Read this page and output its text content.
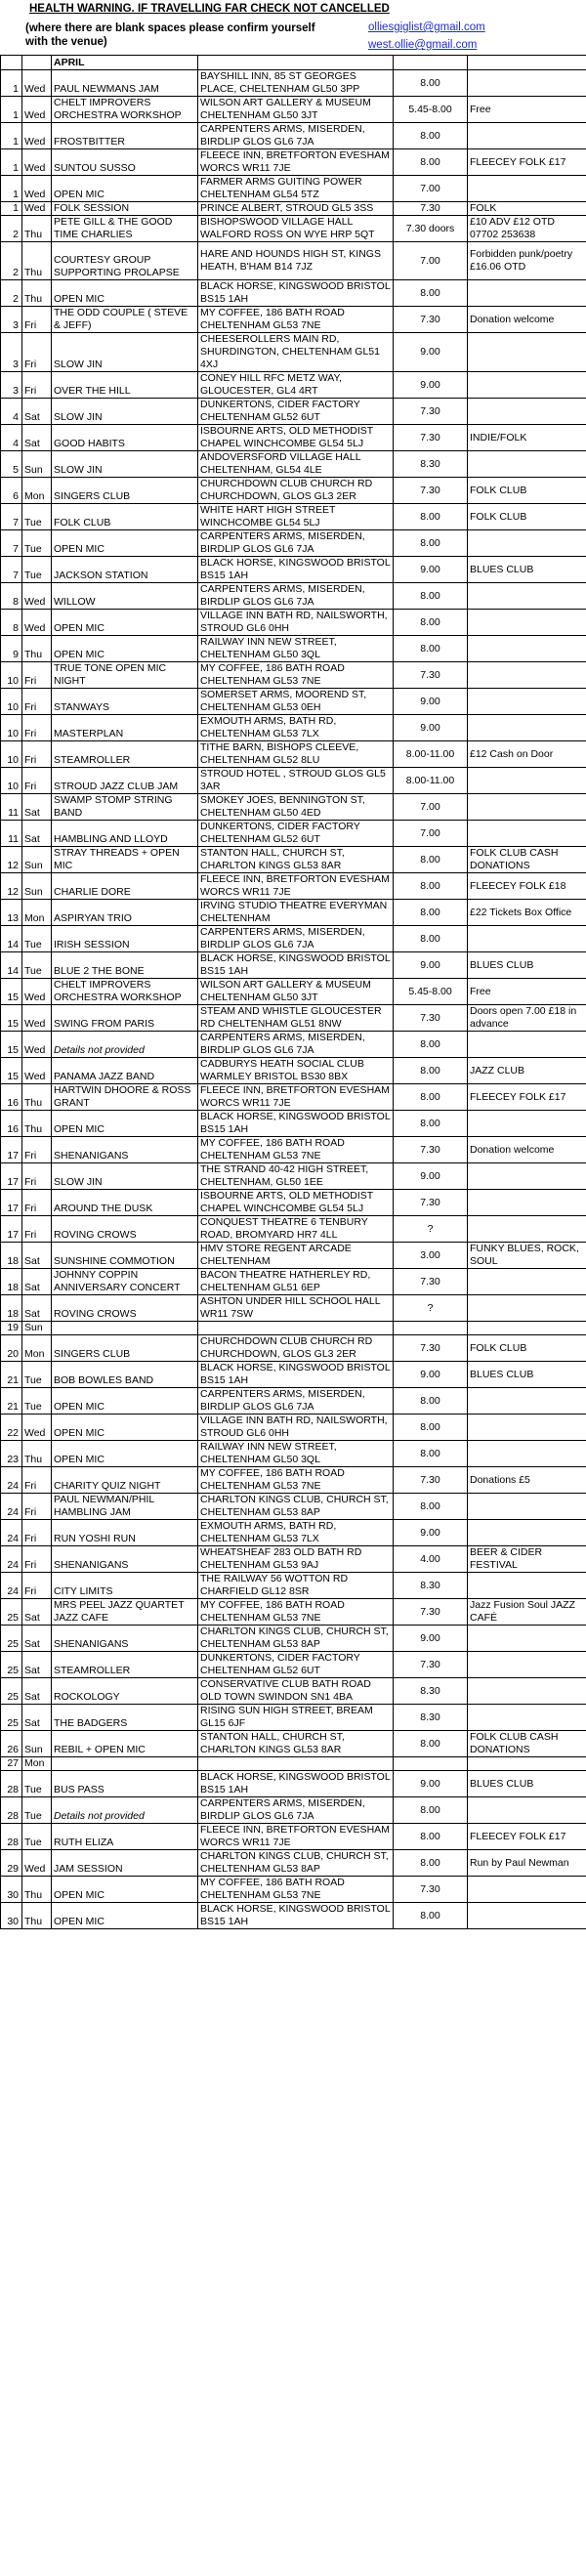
HEALTH WARNING. IF TRAVELLING FAR CHECK NOT CANCELLED
(where there are blank spaces please confirm yourself with the venue)
olliesgiglist@gmail.com
west.ollie@gmail.com
		APRIL			
1	Wed	PAUL NEWMANS JAM	BAYSHILL INN, 85 ST GEORGES PLACE, CHELTENHAM GL50 3PP	8.00	
1	Wed	CHELT IMPROVERS ORCHESTRA WORKSHOP	WILSON ART GALLERY & MUSEUM CHELTENHAM GL50 3JT	5.45-8.00	Free
1	Wed	FROSTBITTER	CARPENTERS ARMS, MISERDEN, BIRDLIP GLOS GL6 7JA	8.00	
1	Wed	SUNTOU SUSSO	FLEECE INN, BRETFORTON EVESHAM WORCS WR11 7JE	8.00	FLEECEY FOLK £17
1	Wed	OPEN MIC	FARMER ARMS GUITING POWER CHELTENHAM GL54 5TZ	7.00	
1	Wed	FOLK SESSION	PRINCE ALBERT, STROUD GL5 3SS	7.30	FOLK
2	Thu	PETE GILL & THE GOOD TIME CHARLIES	BISHOPSWOOD VILLAGE HALL WALFORD ROSS ON WYE HRP 5QT	7.30 doors	£10 ADV £12 OTD 07702 253638
2	Thu	COURTESY GROUP SUPPORTING PROLAPSE	HARE AND HOUNDS HIGH ST, KINGS HEATH, B'HAM B14 7JZ	7.00	Forbidden punk/poetry £16.06 OTD
2	Thu	OPEN MIC	BLACK HORSE, KINGSWOOD BRISTOL BS15 1AH	8.00	
3	Fri	THE ODD COUPLE ( STEVE & JEFF)	MY COFFEE, 186 BATH ROAD CHELTENHAM GL53 7NE	7.30	Donation welcome
3	Fri	SLOW JIN	CHEESEROLLERS MAIN RD, SHURDINGTON, CHELTENHAM GL51 4XJ	9.00	
3	Fri	OVER THE HILL	CONEY HILL RFC METZ WAY, GLOUCESTER, GL4 4RT	9.00	
4	Sat	SLOW JIN	DUNKERTONS, CIDER FACTORY CHELTENHAM GL52 6UT	7.30	
4	Sat	GOOD HABITS	ISBOURNE ARTS, OLD METHODIST CHAPEL WINCHCOMBE GL54 5LJ	7.30	INDIE/FOLK
5	Sun	SLOW JIN	ANDOVERSFORD VILLAGE HALL CHELTENHAM, GL54 4LE	8.30	
6	Mon	SINGERS CLUB	CHURCHDOWN CLUB CHURCH RD CHURCHDOWN, GLOS GL3 2ER	7.30	FOLK CLUB
7	Tue	FOLK CLUB	WHITE HART HIGH STREET WINCHCOMBE GL54 5LJ	8.00	FOLK CLUB
7	Tue	OPEN MIC	CARPENTERS ARMS, MISERDEN, BIRDLIP GLOS GL6 7JA	8.00	
7	Tue	JACKSON STATION	BLACK HORSE, KINGSWOOD BRISTOL BS15 1AH	9.00	BLUES CLUB
8	Wed	WILLOW	CARPENTERS ARMS, MISERDEN, BIRDLIP GLOS GL6 7JA	8.00	
8	Wed	OPEN MIC	VILLAGE INN BATH RD, NAILSWORTH, STROUD GL6 0HH	8.00	
9	Thu	OPEN MIC	RAILWAY INN NEW STREET, CHELTENHAM GL50 3QL	8.00	
10	Fri	TRUE TONE OPEN MIC NIGHT	MY COFFEE, 186 BATH ROAD CHELTENHAM GL53 7NE	7.30	
10	Fri	STANWAYS	SOMERSET ARMS, MOOREND ST, CHELTENHAM GL53 0EH	9.00	
10	Fri	MASTERPLAN	EXMOUTH ARMS, BATH RD, CHELTENHAM GL53 7LX	9.00	
10	Fri	STEAMROLLER	TITHE BARN, BISHOPS CLEEVE, CHELTENHAM GL52 8LU	8.00-11.00	£12 Cash on Door
10	Fri	STROUD JAZZ CLUB JAM	STROUD HOTEL , STROUD GLOS GL5 3AR	8.00-11.00	
11	Sat	SWAMP STOMP STRING BAND	SMOKEY JOES, BENNINGTON ST, CHELTENHAM GL50 4ED	7.00	
11	Sat	HAMBLING AND LLOYD	DUNKERTONS, CIDER FACTORY CHELTENHAM GL52 6UT	7.00	
12	Sun	STRAY THREADS + OPEN MIC	STANTON HALL, CHURCH ST, CHARLTON KINGS GL53 8AR	8.00	FOLK CLUB CASH DONATIONS
12	Sun	CHARLIE DORE	FLEECE INN, BRETFORTON EVESHAM WORCS WR11 7JE	8.00	FLEECEY FOLK £18
13	Mon	ASPIRYAN TRIO	IRVING STUDIO THEATRE EVERYMAN CHELTENHAM	8.00	£22 Tickets Box Office
14	Tue	IRISH SESSION	CARPENTERS ARMS, MISERDEN, BIRDLIP GLOS GL6 7JA	8.00	
14	Tue	BLUE 2 THE BONE	BLACK HORSE, KINGSWOOD BRISTOL BS15 1AH	9.00	BLUES CLUB
15	Wed	CHELT IMPROVERS ORCHESTRA WORKSHOP	WILSON ART GALLERY & MUSEUM CHELTENHAM GL50 3JT	5.45-8.00	Free
15	Wed	SWING FROM PARIS	STEAM AND WHISTLE GLOUCESTER RD CHELTENHAM GL51 8NW	7.30	Doors open 7.00 £18 in advance
15	Wed	Details not provided	CARPENTERS ARMS, MISERDEN, BIRDLIP GLOS GL6 7JA	8.00	
15	Wed	PANAMA JAZZ BAND	CADBURYS HEATH SOCIAL CLUB WARMLEY BRISTOL BS30 8BX	8.00	JAZZ CLUB
16	Thu	HARTWIN DHOORE & ROSS GRANT	FLEECE INN, BRETFORTON EVESHAM WORCS WR11 7JE	8.00	FLEECEY FOLK £17
16	Thu	OPEN MIC	BLACK HORSE, KINGSWOOD BRISTOL BS15 1AH	8.00	
17	Fri	SHENANIGANS	MY COFFEE, 186 BATH ROAD CHELTENHAM GL53 7NE	7.30	Donation welcome
17	Fri	SLOW JIN	THE STRAND 40-42 HIGH STREET, CHELTENHAM, GL50 1EE	9.00	
17	Fri	AROUND THE DUSK	ISBOURNE ARTS, OLD METHODIST CHAPEL WINCHCOMBE GL54 5LJ	7.30	
17	Fri	ROVING CROWS	CONQUEST THEATRE 6 TENBURY ROAD, BROMYARD HR7 4LL	?	
18	Sat	SUNSHINE COMMOTION	HMV STORE REGENT ARCADE CHELTENHAM	3.00	FUNKY BLUES, ROCK, SOUL
18	Sat	JOHNNY COPPIN ANNIVERSARY CONCERT	BACON THEATRE HATHERLEY RD, CHELTENHAM GL51 6EP	7.30	
18	Sat	ROVING CROWS	ASHTON UNDER HILL SCHOOL HALL WR11 7SW	?	
19	Sun				
20	Mon	SINGERS CLUB	CHURCHDOWN CLUB CHURCH RD CHURCHDOWN, GLOS GL3 2ER	7.30	FOLK CLUB
21	Tue	BOB BOWLES BAND	BLACK HORSE, KINGSWOOD BRISTOL BS15 1AH	9.00	BLUES CLUB
21	Tue	OPEN MIC	CARPENTERS ARMS, MISERDEN, BIRDLIP GLOS GL6 7JA	8.00	
22	Wed	OPEN MIC	VILLAGE INN BATH RD, NAILSWORTH, STROUD GL6 0HH	8.00	
23	Thu	OPEN MIC	RAILWAY INN NEW STREET, CHELTENHAM GL50 3QL	8.00	
24	Fri	CHARITY QUIZ NIGHT	MY COFFEE, 186 BATH ROAD CHELTENHAM GL53 7NE	7.30	Donations £5
24	Fri	PAUL NEWMAN/PHIL HAMBLING JAM	CHARLTON KINGS CLUB, CHURCH ST, CHELTENHAM GL53 8AP	8.00	
24	Fri	RUN YOSHI RUN	EXMOUTH ARMS, BATH RD, CHELTENHAM GL53 7LX	9.00	
24	Fri	SHENANIGANS	WHEATSHEAF 283 OLD BATH RD CHELTENHAM GL53 9AJ	4.00	BEER & CIDER FESTIVAL
24	Fri	CITY LIMITS	THE RAILWAY 56 WOTTON RD CHARFIELD GL12 8SR	8.30	
25	Sat	MRS PEEL JAZZ QUARTET JAZZ CAFE	MY COFFEE, 186 BATH ROAD CHELTENHAM GL53 7NE	7.30	Jazz Fusion Soul JAZZ CAFÉ
25	Sat	SHENANIGANS	CHARLTON KINGS CLUB, CHURCH ST, CHELTENHAM GL53 8AP	9.00	
25	Sat	STEAMROLLER	DUNKERTONS, CIDER FACTORY CHELTENHAM GL52 6UT	7.30	
25	Sat	ROCKOLOGY	CONSERVATIVE CLUB BATH ROAD OLD TOWN SWINDON SN1 4BA	8.30	
25	Sat	THE BADGERS	RISING SUN HIGH STREET, BREAM GL15 6JF	8.30	
26	Sun	REBIL + OPEN MIC	STANTON HALL, CHURCH ST, CHARLTON KINGS GL53 8AR	8.00	FOLK CLUB CASH DONATIONS
27	Mon				
28	Tue	BUS PASS	BLACK HORSE, KINGSWOOD BRISTOL BS15 1AH	9.00	BLUES CLUB
28	Tue	Details not provided	CARPENTERS ARMS, MISERDEN, BIRDLIP GLOS GL6 7JA	8.00	
28	Tue	RUTH ELIZA	FLEECE INN, BRETFORTON EVESHAM WORCS WR11 7JE	8.00	FLEECEY FOLK £17
29	Wed	JAM SESSION	CHARLTON KINGS CLUB, CHURCH ST, CHELTENHAM GL53 8AP	8.00	Run by Paul Newman
30	Thu	OPEN MIC	MY COFFEE, 186 BATH ROAD CHELTENHAM GL53 7NE	7.30	
30	Thu	OPEN MIC	BLACK HORSE, KINGSWOOD BRISTOL BS15 1AH	8.00	
